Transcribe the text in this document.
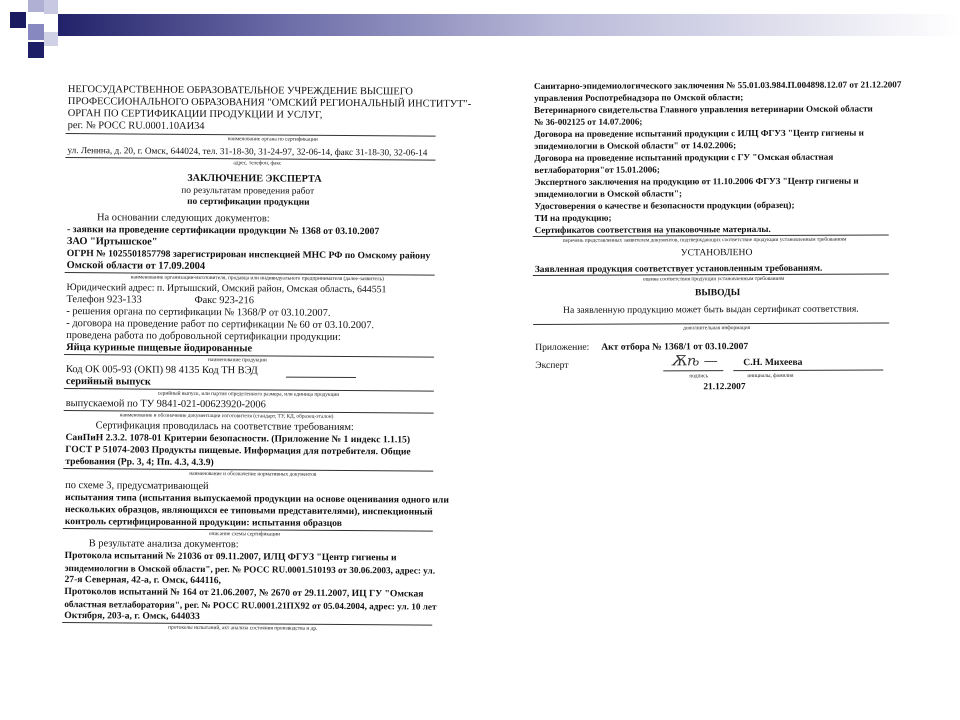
НЕГОСУДАРСТВЕННОЕ ОБРАЗОВАТЕЛЬНОЕ УЧРЕЖДЕНИЕ ВЫСШЕГО
ПРОФЕССИОНАЛЬНОГО ОБРАЗОВАНИЯ "ОМСКИЙ РЕГИОНАЛЬНЫЙ ИНСТИТУТ"-
ОРГАН ПО СЕРТИФИКАЦИИ ПРОДУКЦИИ И УСЛУГ,
рег. № РОСС RU.0001.10АИ34
наименование органа по сертификации
ул. Ленина, д. 20, г. Омск, 644024, тел. 31-18-30, 31-24-97, 32-06-14, факс 31-18-30, 32-06-14
адрес, телефон, факс
ЗАКЛЮЧЕНИЕ ЭКСПЕРТА
по результатам проведения работ
по сертификации продукции
На основании следующих документов:
- заявки на проведение сертификации продукции № 1368 от 03.10.2007
ЗАО "Иртышское"
ОГРН № 1025501857798 зарегистрирован инспекцией МНС РФ по Омскому району
Омской области от 17.09.2004
наименование организации-изготовителя, продавца или индивидуального предпринимателя (далее-заявитель)
Юридический адрес: п. Иртышский, Омский район, Омская область, 644551
Телефон 923-133	Факс 923-216
- решения органа по сертификации № 1368/Р от 03.10.2007.
- договора на проведение работ по сертификации № 60 от 03.10.2007.
проведена работа по добровольной сертификации продукции:
Яйца куриные пищевые йодированные
наименование продукции
Код ОК 005-93 (ОКП) 98 4135 Код ТН ВЭД
серийный выпуск
серийный выпуск, или партия определенного размера, или единица продукции
выпускаемой по ТУ 9841-021-00623920-2006
наименование и обозначение документации изготовителя (стандарт, ТУ, КД, образец-эталон)
Сертификация проводилась на соответствие требованиям:
СанПиН 2.3.2. 1078-01 Критерии безопасности. (Приложение № 1 индекс 1.1.15)
ГОСТ Р 51074-2003 Продукты пищевые. Информация для потребителя. Общие
требования (Рр. 3, 4; Пп. 4.3, 4.3.9)
наименование и обозначение нормативных документов
по схеме 3, предусматривающей
испытания типа (испытания выпускаемой продукции на основе оценивания одного или
нескольких образцов, являющихся ее типовыми представителями), инспекционный
контроль сертифицированной продукции: испытания образцов
описание схемы сертификации
В результате анализа документов:
Протокола испытаний № 21036 от 09.11.2007, ИЛЦ ФГУЗ "Центр гигиены и
эпидемиологии в Омской области", рег. № РОСС RU.0001.510193 от 30.06.2003, адрес: ул.
27-я Северная, 42-а, г. Омск, 644116,
Протоколов испытаний № 164 от 21.06.2007, № 2670 от 29.11.2007, ИЦ ГУ "Омская
областная ветлаборатория", рег. № РОСС RU.0001.21ПХ92 от 05.04.2004, адрес: ул. 10 лет
Октября, 203-а, г. Омск, 644033
протоколы испытаний, акт анализа состояния производства и др.
Санитарно-эпидемиологического заключения № 55.01.03.984.П.004898.12.07 от 21.12.2007
управления Роспотребнадзора по Омской области;
Ветеринарного свидетельства Главного управления ветеринарии Омской области
№ 36-002125 от 14.07.2006;
Договора на проведение испытаний продукции с ИЛЦ ФГУЗ "Центр гигиены и
эпидемиологии в Омской области" от 14.02.2006;
Договора на проведение испытаний продукции с ГУ "Омская областная
ветлаборатория"от 15.01.2006;
Экспертного заключения на продукцию от 11.10.2006 ФГУЗ "Центр гигиены и
эпидемиологии в Омской области";
Удостоверения о качестве и безопасности продукции (образец);
ТИ на продукцию;
Сертификатов соответствия на упаковочные материалы.
перечень представленных заявителем документов, подтверждающих соответствие продукции установленным требованиям
УСТАНОВЛЕНО
Заявленная продукция соответствует установленным требованиям.
оценка соответствия продукции установленным требованиям
ВЫВОДЫ
На заявленную продукцию может быть выдан сертификат соответствия.
дополнительная информация
Приложение: Акт отбора № 1368/1 от 03.10.2007
Эксперт	Ѫѣ —	С.Н. Михеева
подпись	инициалы, фамилия
21.12.2007
